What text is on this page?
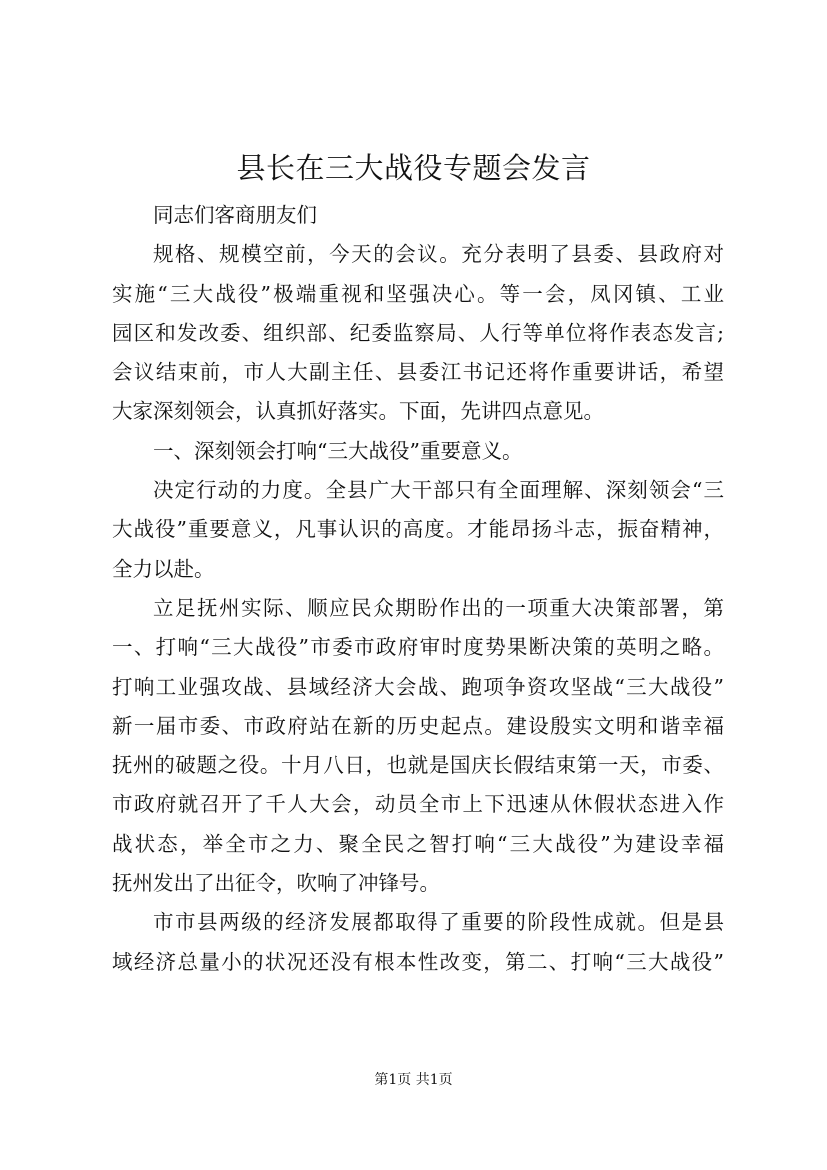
县长在三大战役专题会发言
同志们客商朋友们
规格、规模空前，今天的会议。充分表明了县委、县政府对
实施“三大战役”极端重视和坚强决心。等一会，凤冈镇、工业
园区和发改委、组织部、纪委监察局、人行等单位将作表态发言;
会议结束前，市人大副主任、县委江书记还将作重要讲话，希望
大家深刻领会，认真抓好落实。下面，先讲四点意见。
一、深刻领会打响“三大战役”重要意义。
决定行动的力度。全县广大干部只有全面理解、深刻领会“三
大战役”重要意义，凡事认识的高度。才能昂扬斗志，振奋精神，
全力以赴。
立足抚州实际、顺应民众期盼作出的一项重大决策部署，第
一、打响“三大战役”市委市政府审时度势果断决策的英明之略。
打响工业强攻战、县域经济大会战、跑项争资攻坚战“三大战役”
新一届市委、市政府站在新的历史起点。建设殷实文明和谐幸福
抚州的破题之役。十月八日，也就是国庆长假结束第一天，市委、
市政府就召开了千人大会，动员全市上下迅速从休假状态进入作
战状态，举全市之力、聚全民之智打响“三大战役”为建设幸福
抚州发出了出征令，吹响了冲锋号。
市市县两级的经济发展都取得了重要的阶段性成就。但是县
域经济总量小的状况还没有根本性改变，第二、打响“三大战役”
第1页 共1页
